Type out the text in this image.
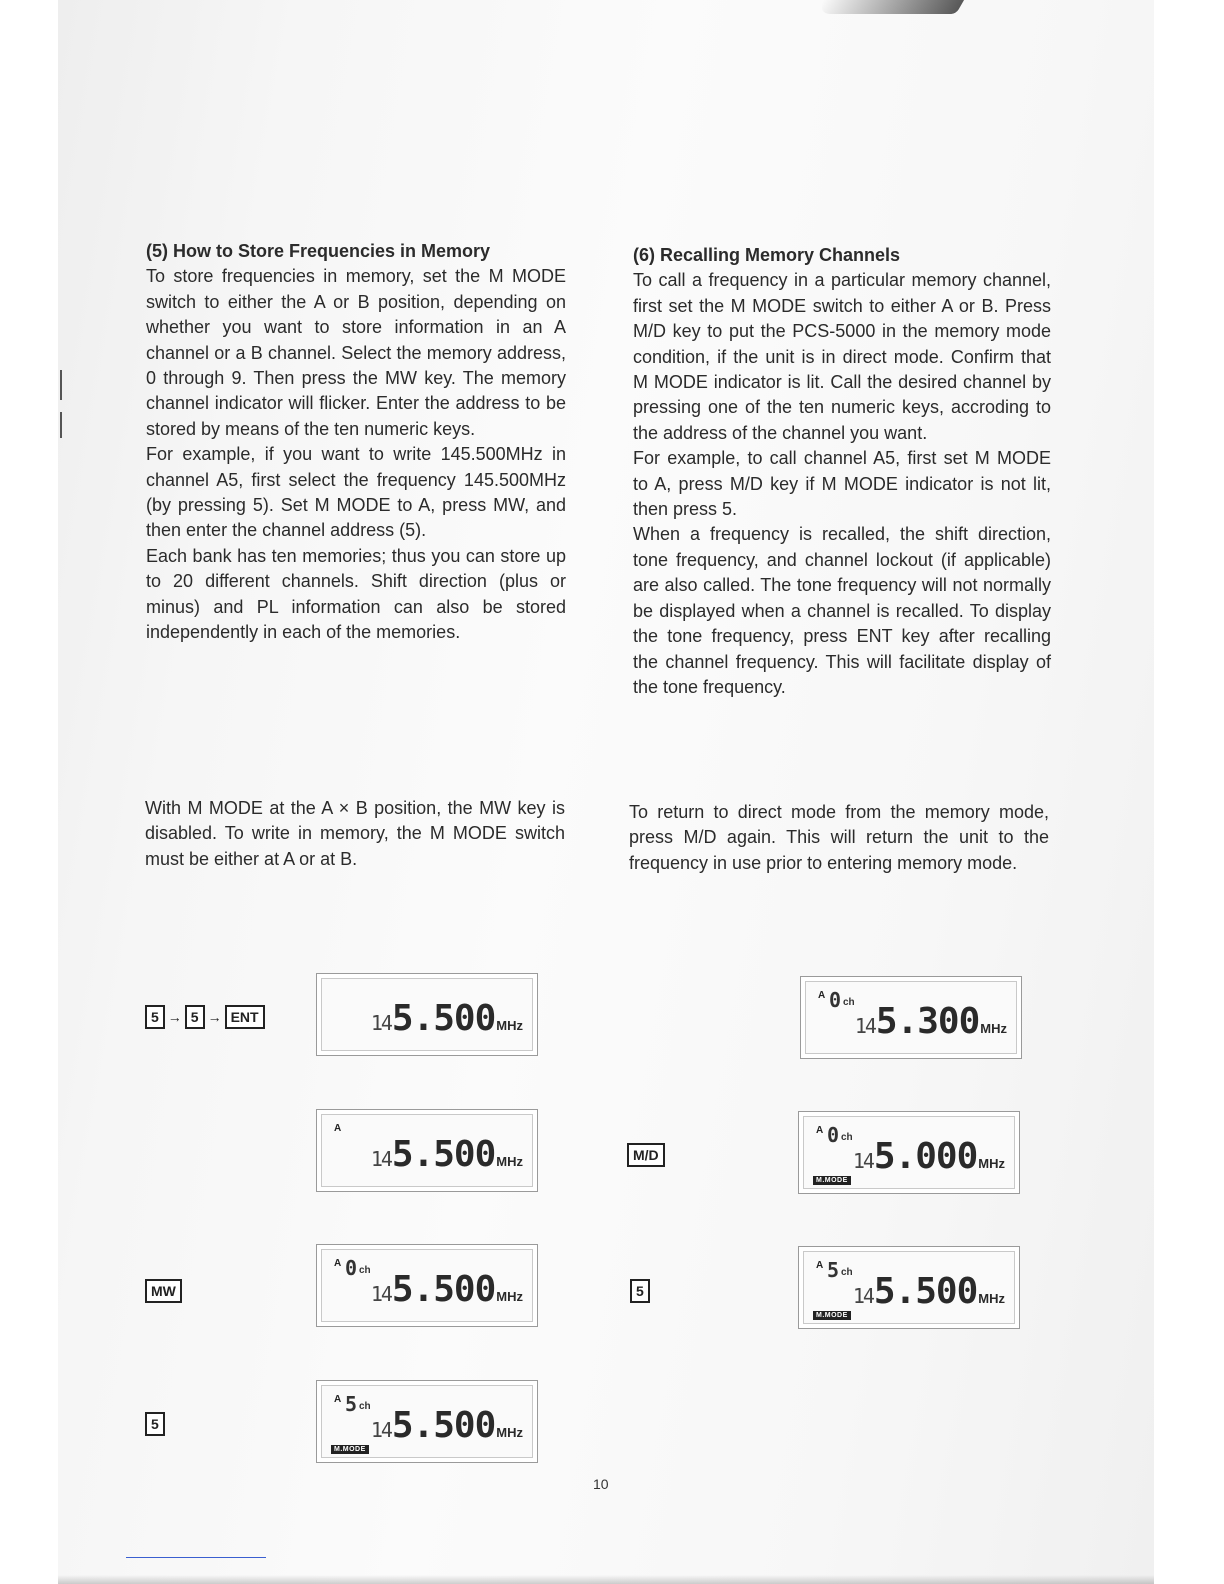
(5) How to Store Frequencies in Memory

To store frequencies in memory, set the M MODE switch to either the A or B position, depending on whether you want to store information in an A channel or a B channel. Select the memory address, 0 through 9. Then press the MW key. The memory channel indicator will flicker. Enter the address to be stored by means of the ten numeric keys.

For example, if you want to write 145.500MHz in channel A5, first select the frequency 145.500MHz (by pressing 5). Set M MODE to A, press MW, and then enter the channel address (5).

Each bank has ten memories; thus you can store up to 20 different channels. Shift direction (plus or minus) and PL information can also be stored independently in each of the memories.

With M MODE at the A × B position, the MW key is disabled. To write in memory, the M MODE switch must be either at A or at B.

(6) Recalling Memory Channels

To call a frequency in a particular memory channel, first set the M MODE switch to either A or B. Press M/D key to put the PCS-5000 in the memory mode condition, if the unit is in direct mode. Confirm that M MODE indicator is lit. Call the desired channel by pressing one of the ten numeric keys, accroding to the address of the channel you want.

For example, to call channel A5, first set M MODE to A, press M/D key if M MODE indicator is not lit, then press 5.

When a frequency is recalled, the shift direction, tone frequency, and channel lockout (if applicable) are also called. The tone frequency will not normally be displayed when a channel is recalled. To display the tone frequency, press ENT key after recalling the channel frequency. This will facilitate display of the tone frequency.

To return to direct mode from the memory mode, press M/D again. This will return the unit to the frequency in use prior to entering memory mode.

5 → 5 → ENT
MW
5
M/D
5
14 5.500 MHz
A
14 5.500 MHz
A 0 ch
14 5.500 MHz
A 5 ch
14 5.500 MHz
M.MODE
A 0 ch
14 5.300 MHz
A 0 ch
14 5.000 MHz
M.MODE
A 5 ch
14 5.500 MHz
M.MODE
10
